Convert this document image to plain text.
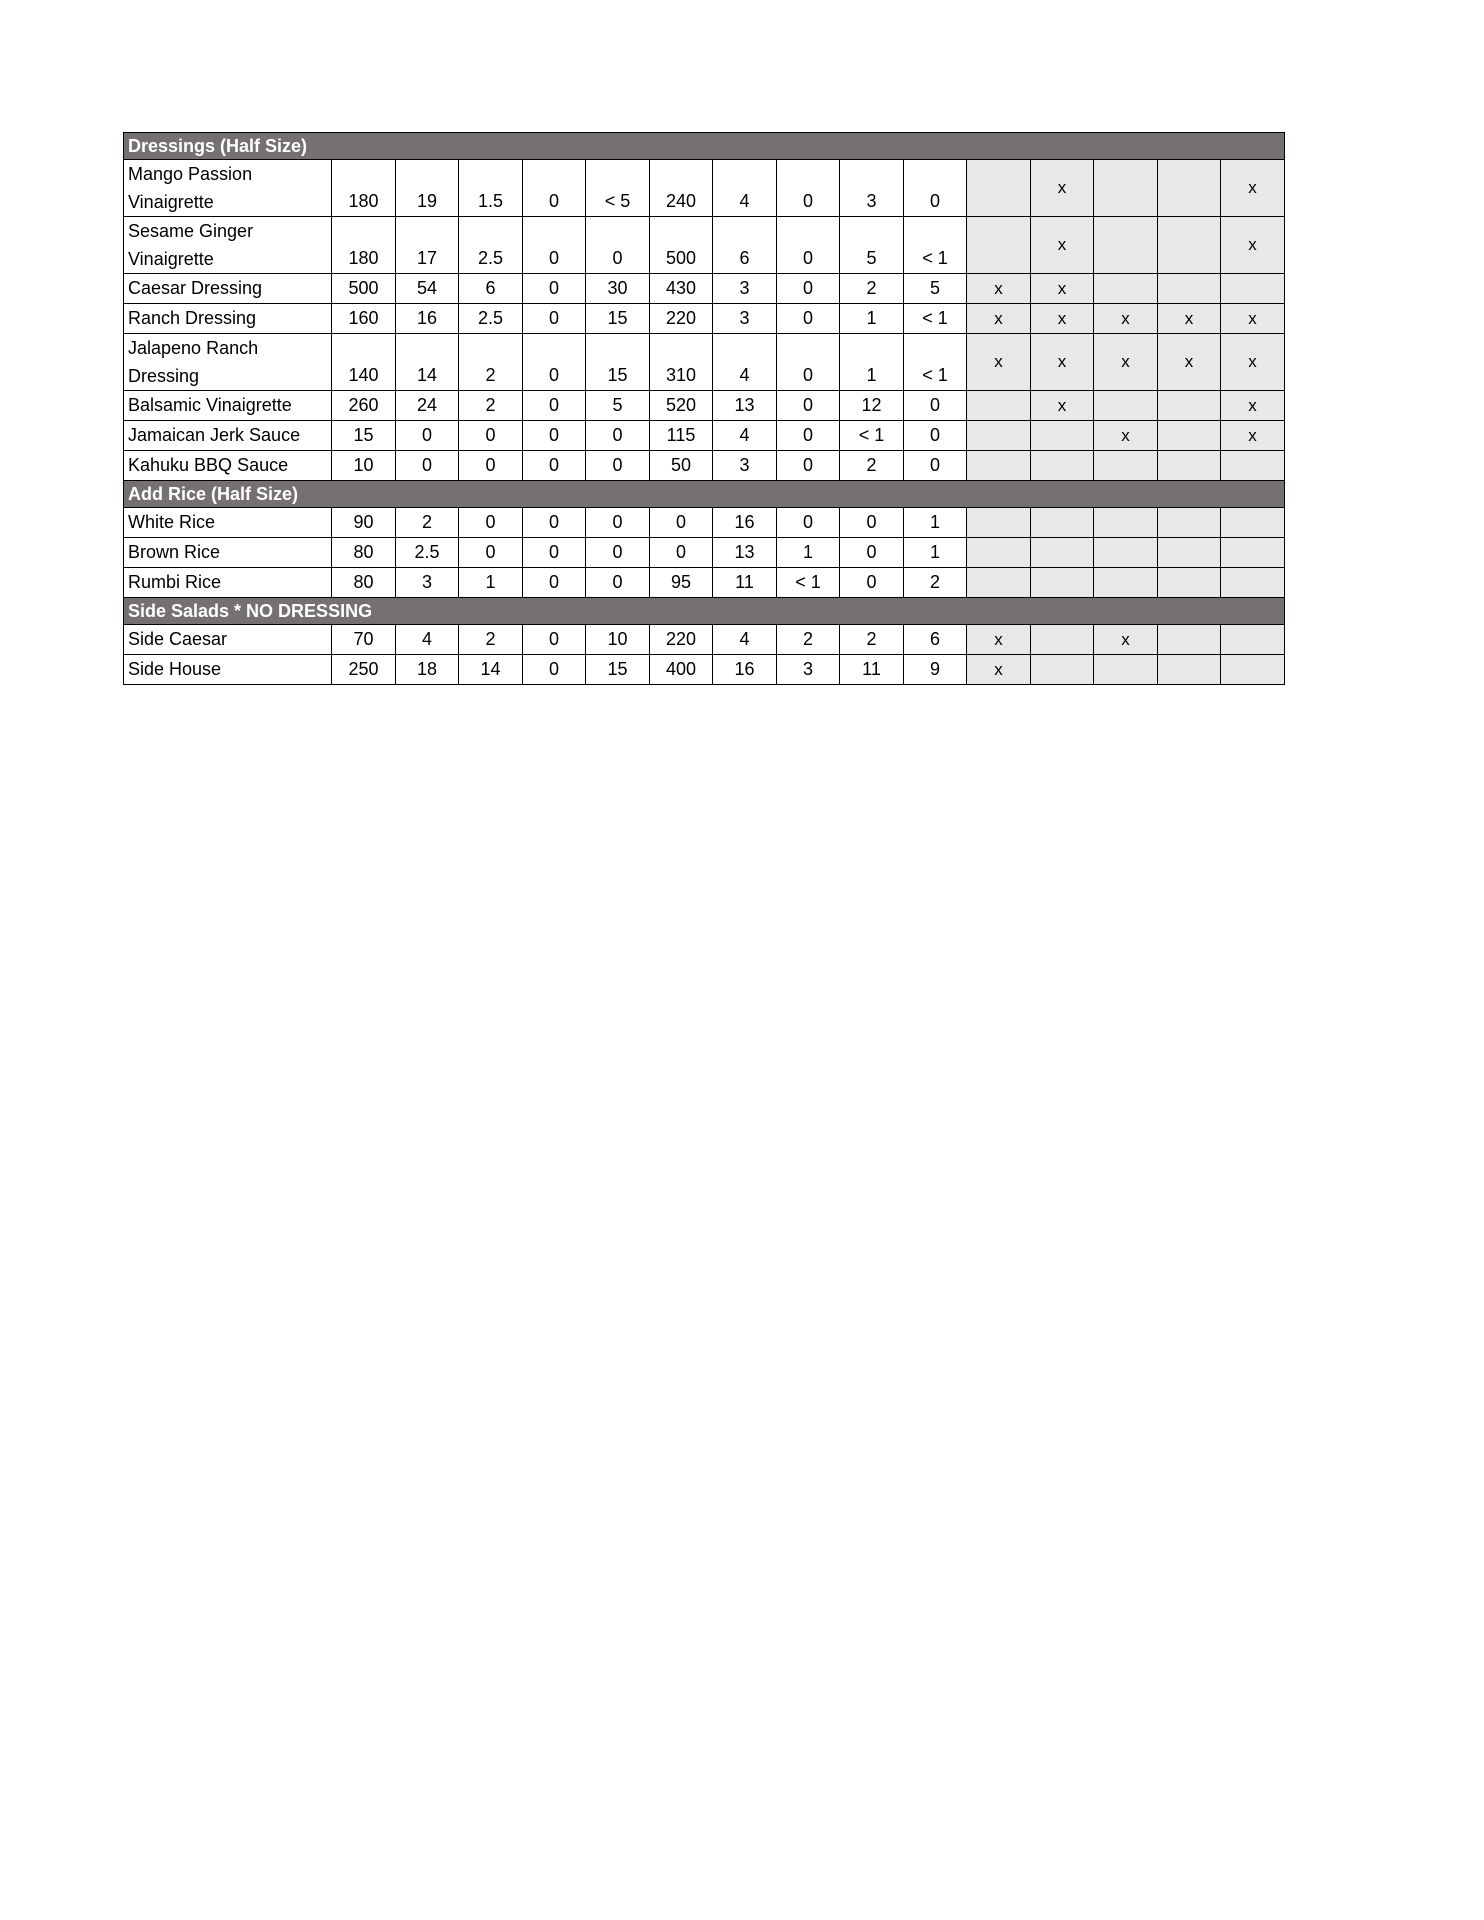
Dressings (Half Size)															
Mango Passion Vinaigrette	180	19	1.5	0	< 5	240	4	0	3	0		x			x
Sesame Ginger Vinaigrette	180	17	2.5	0	0	500	6	0	5	< 1		x			x
Caesar Dressing	500	54	6	0	30	430	3	0	2	5	x	x			
Ranch Dressing	160	16	2.5	0	15	220	3	0	1	< 1	x	x	x	x	x
Jalapeno Ranch Dressing	140	14	2	0	15	310	4	0	1	< 1	x	x	x	x	x
Balsamic Vinaigrette	260	24	2	0	5	520	13	0	12	0		x			x
Jamaican Jerk Sauce	15	0	0	0	0	115	4	0	< 1	0			x		x
Kahuku BBQ Sauce	10	0	0	0	0	50	3	0	2	0					
Add Rice (Half Size)															
White Rice	90	2	0	0	0	0	16	0	0	1					
Brown Rice	80	2.5	0	0	0	0	13	1	0	1					
Rumbi Rice	80	3	1	0	0	95	11	< 1	0	2					
Side Salads * NO DRESSING															
Side Caesar	70	4	2	0	10	220	4	2	2	6	x		x		
Side House	250	18	14	0	15	400	16	3	11	9	x				
